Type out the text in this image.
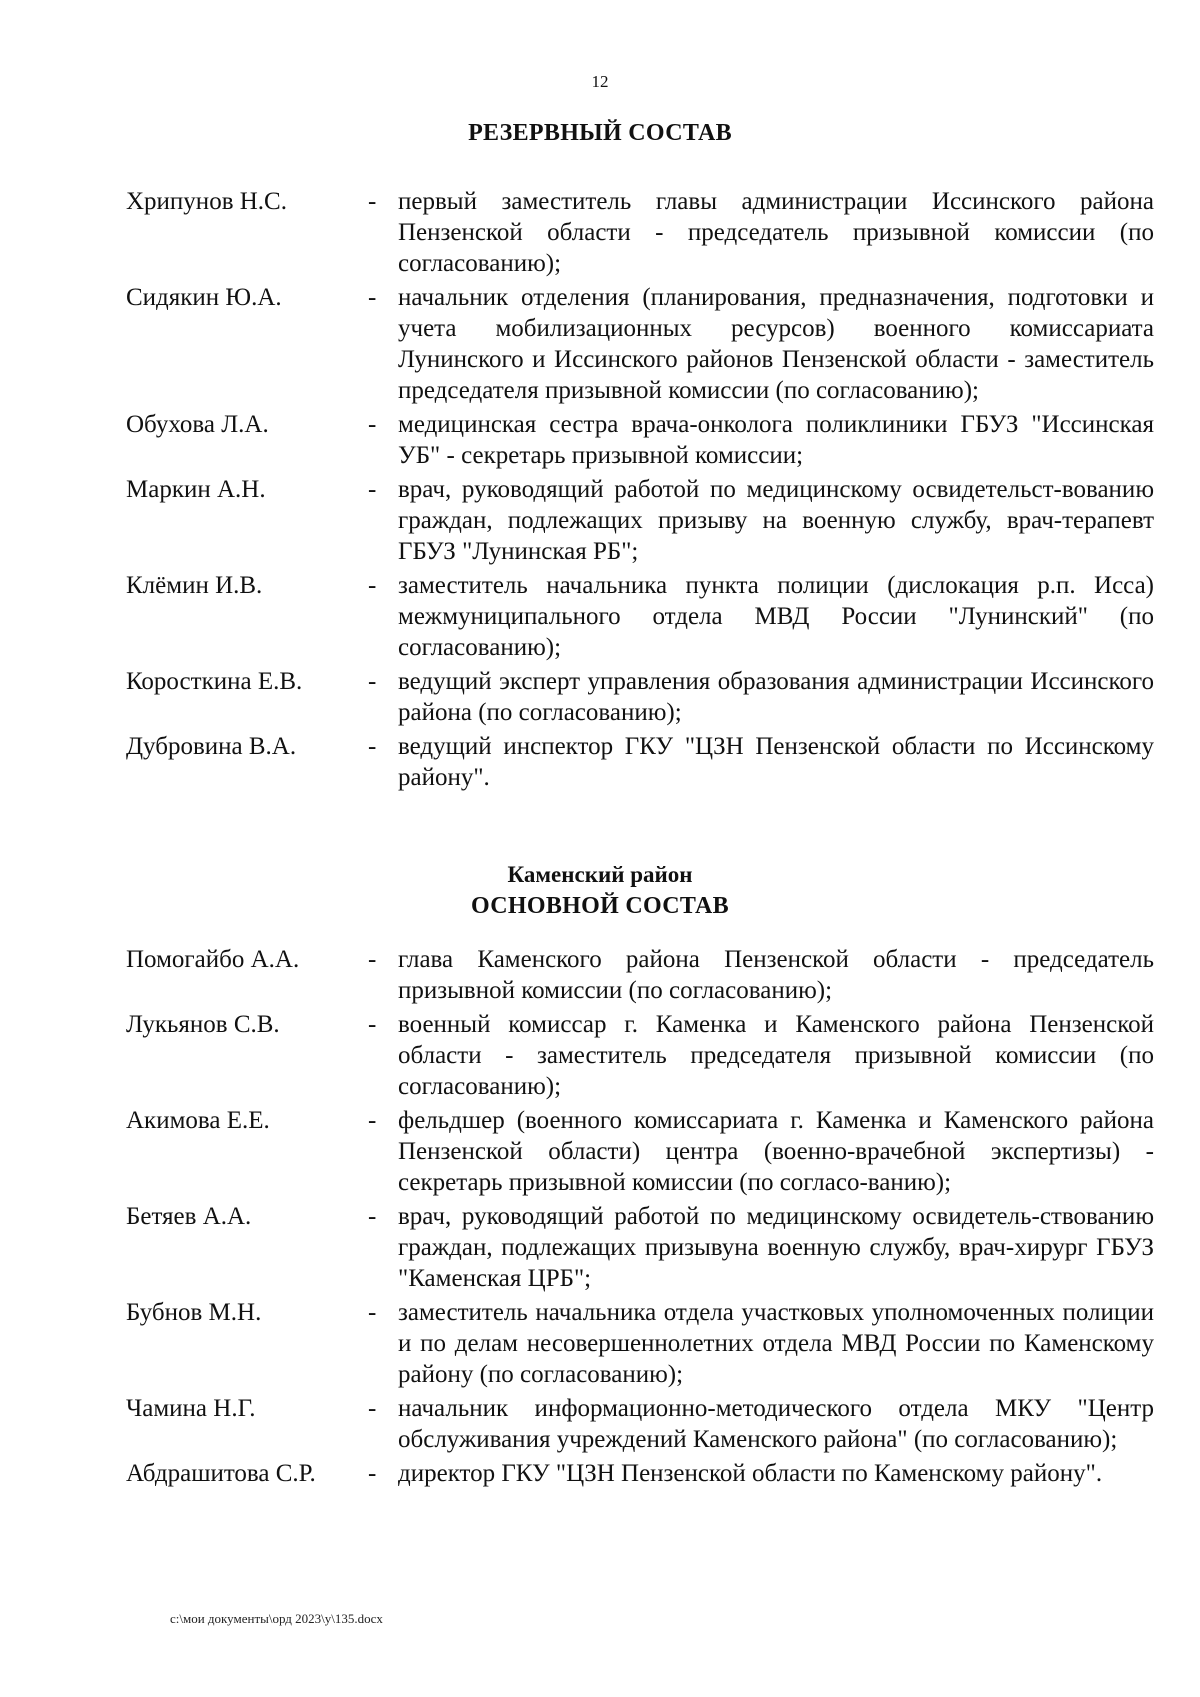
12
РЕЗЕРВНЫЙ СОСТАВ
Хрипунов Н.С.	- первый заместитель главы администрации Иссинского района Пензенской области - председатель призывной комиссии (по согласованию);
Сидякин Ю.А.	- начальник отделения (планирования, предназначения, подготовки и учета мобилизационных ресурсов) военного комиссариата Лунинского и Иссинского районов Пензенской области - заместитель председателя призывной комиссии (по согласованию);
Обухова Л.А.	- медицинская сестра врача-онколога поликлиники ГБУЗ "Иссинская УБ" - секретарь призывной комиссии;
Маркин А.Н.	- врач, руководящий работой по медицинскому освидетельст-вованию граждан, подлежащих призыву на военную службу, врач-терапевт ГБУЗ "Лунинская РБ";
Клёмин И.В.	- заместитель начальника пункта полиции (дислокация р.п. Исса) межмуниципального отдела МВД России "Лунинский" (по согласованию);
Коросткина Е.В.	- ведущий эксперт управления образования администрации Иссинского района (по согласованию);
Дубровина В.А.	- ведущий инспектор ГКУ "ЦЗН Пензенской области по Иссинскому району".
Каменский район
ОСНОВНОЙ СОСТАВ
Помогайбо А.А.	- глава Каменского района Пензенской области - председатель призывной комиссии (по согласованию);
Лукьянов С.В.	- военный комиссар г. Каменка и Каменского района Пензенской области - заместитель председателя призывной комиссии (по согласованию);
Акимова Е.Е.	- фельдшер (военного комиссариата г. Каменка и Каменского района Пензенской области) центра (военно-врачебной экспертизы) - секретарь призывной комиссии (по согласо-ванию);
Бетяев А.А.	- врач, руководящий работой по медицинскому освидетель-ствованию граждан, подлежащих призывуна военную службу, врач-хирург ГБУЗ "Каменская ЦРБ";
Бубнов М.Н.	- заместитель начальника отдела участковых уполномоченных полиции и по делам несовершеннолетних отдела МВД России по Каменскому району (по согласованию);
Чамина Н.Г.	- начальник информационно-методического отдела МКУ "Центр обслуживания учреждений Каменского района" (по согласованию);
Абдрашитова С.Р.	- директор ГКУ "ЦЗН Пензенской области по Каменскому району".
c:\мои документы\орд 2023\у\135.docx
